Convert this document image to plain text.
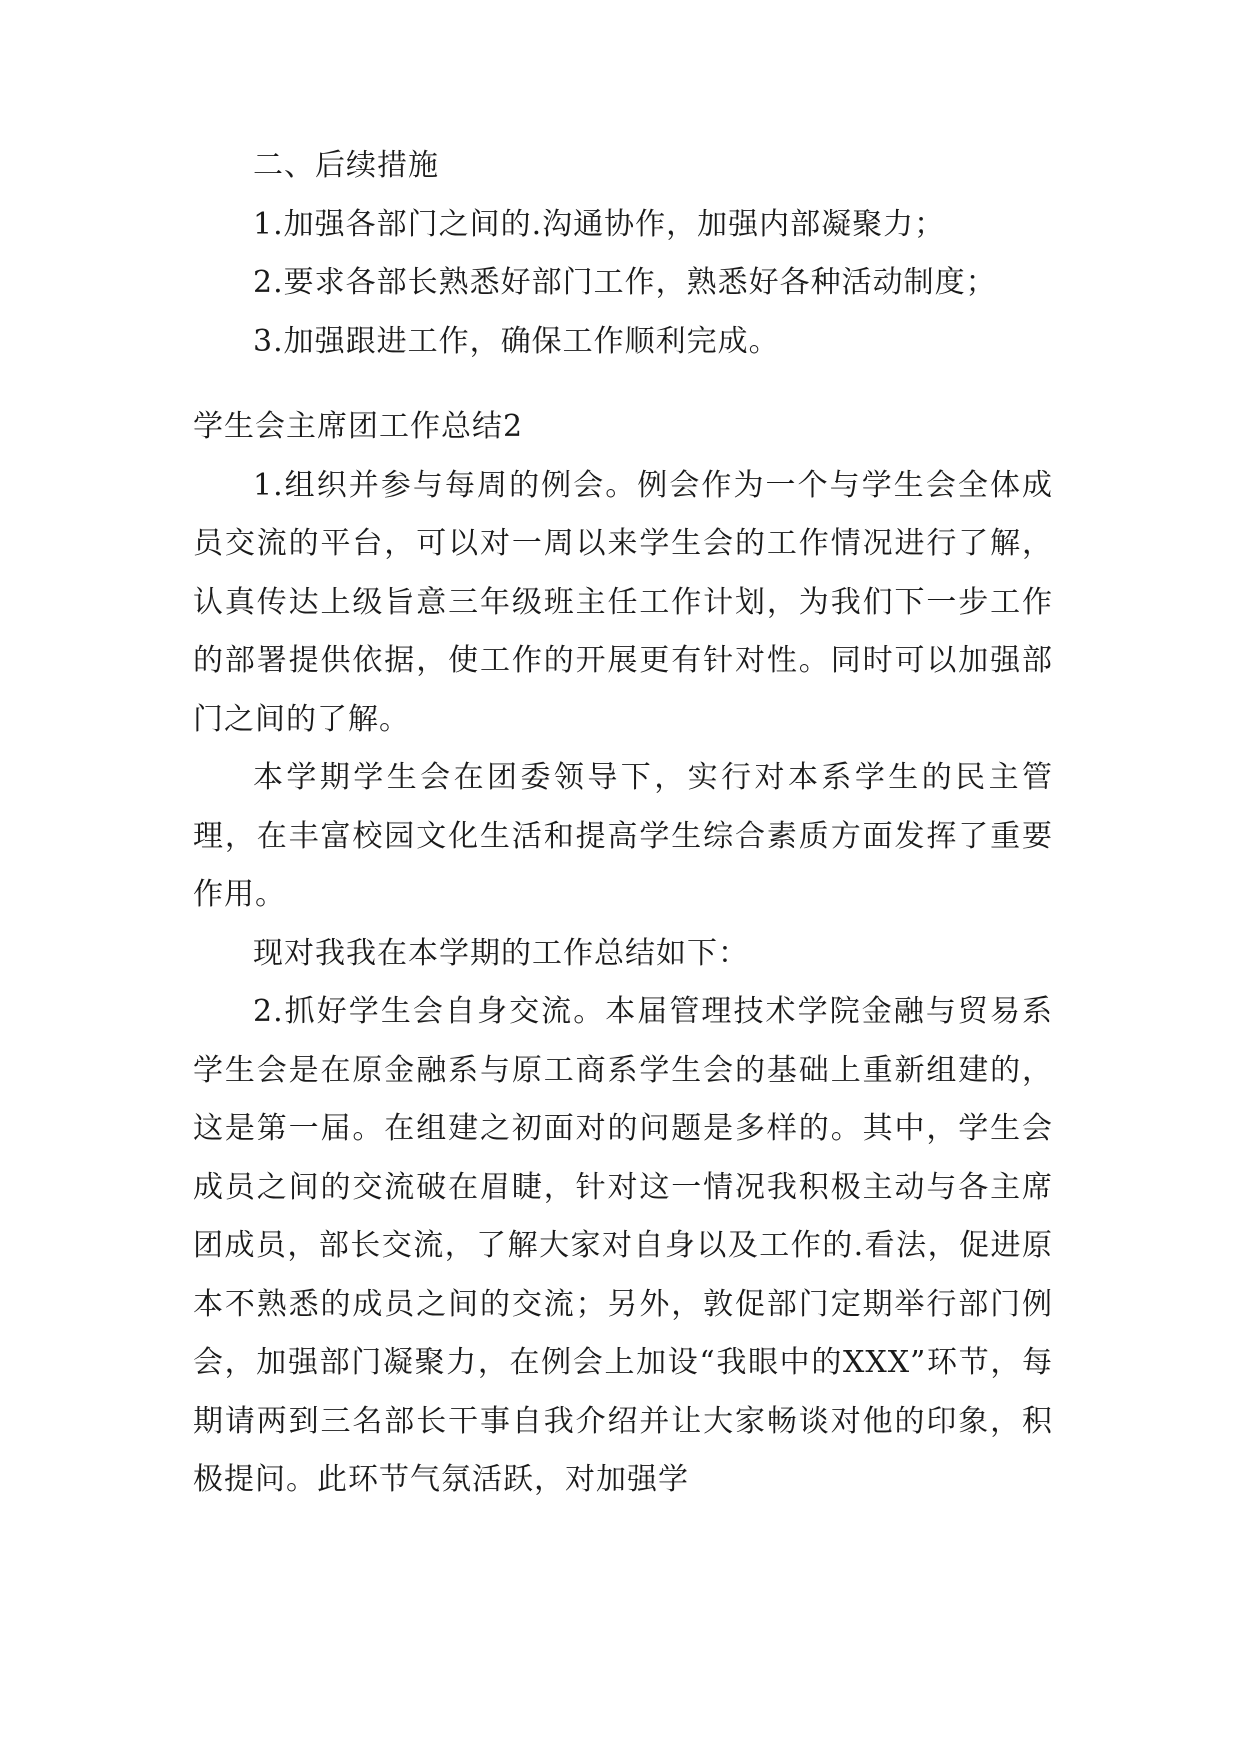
二、后续措施

1.加强各部门之间的.沟通协作，加强内部凝聚力；

2.要求各部长熟悉好部门工作，熟悉好各种活动制度；

3.加强跟进工作，确保工作顺利完成。

学生会主席团工作总结2

1.组织并参与每周的例会。例会作为一个与学生会全体成员交流的平台，可以对一周以来学生会的工作情况进行了解，认真传达上级旨意三年级班主任工作计划，为我们下一步工作的部署提供依据，使工作的开展更有针对性。同时可以加强部门之间的了解。

本学期学生会在团委领导下，实行对本系学生的民主管理，在丰富校园文化生活和提高学生综合素质方面发挥了重要作用。

现对我我在本学期的工作总结如下：

2.抓好学生会自身交流。本届管理技术学院金融与贸易系学生会是在原金融系与原工商系学生会的基础上重新组建的，这是第一届。在组建之初面对的问题是多样的。其中，学生会成员之间的交流破在眉睫，针对这一情况我积极主动与各主席团成员，部长交流，了解大家对自身以及工作的.看法，促进原本不熟悉的成员之间的交流；另外，敦促部门定期举行部门例会，加强部门凝聚力，在例会上加设“我眼中的XXX”环节，每期请两到三名部长干事自我介绍并让大家畅谈对他的印象，积极提问。此环节气氛活跃，对加强学
